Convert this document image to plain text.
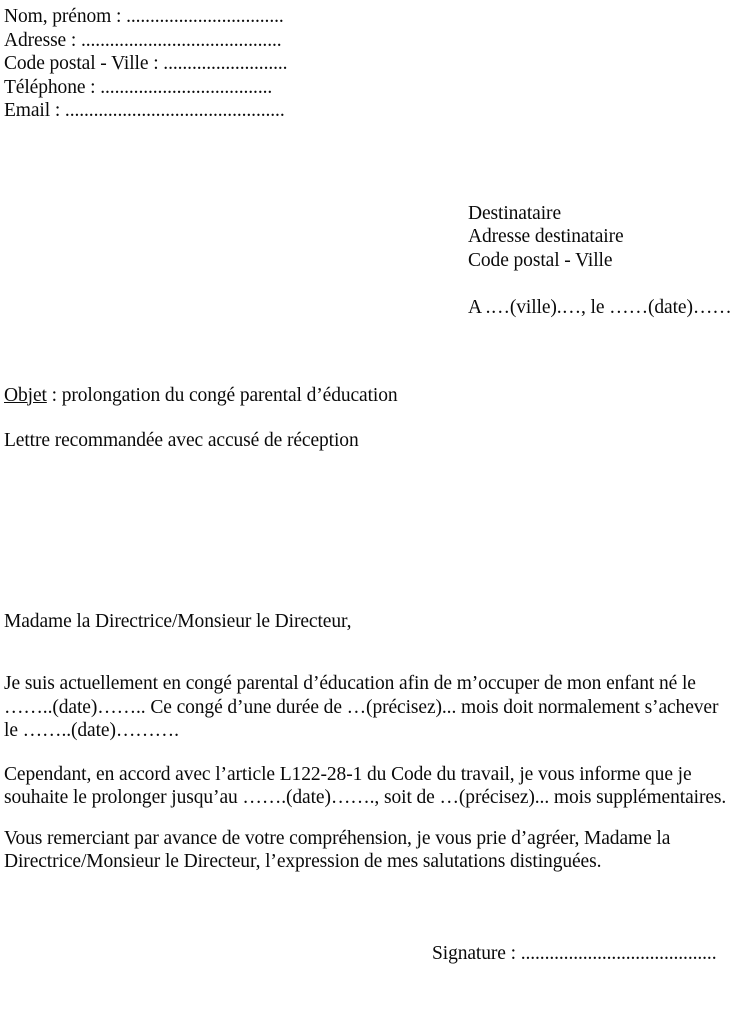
Nom, prénom : .................................
Adresse : ..........................................
Code postal - Ville : ..........................
Téléphone : ....................................
Email : ..............................................
Destinataire
Adresse destinataire
Code postal - Ville
A .…(ville).…, le ……(date)……
Objet : prolongation du congé parental d’éducation
Lettre recommandée avec accusé de réception
Madame la Directrice/Monsieur le Directeur,

Je suis actuellement en congé parental d’éducation afin de m’occuper de mon enfant né le ……..(date)…….. Ce congé d’une durée de …(précisez)... mois doit normalement s’achever le ……..(date)……….

Cependant, en accord avec l’article L122-28-1 du Code du travail, je vous informe que je souhaite le prolonger jusqu’au …….(date)……., soit de …(précisez)... mois supplémentaires.

Vous remerciant par avance de votre compréhension, je vous prie d’agréer, Madame la Directrice/Monsieur le Directeur, l’expression de mes salutations distinguées.

Signature : .........................................
